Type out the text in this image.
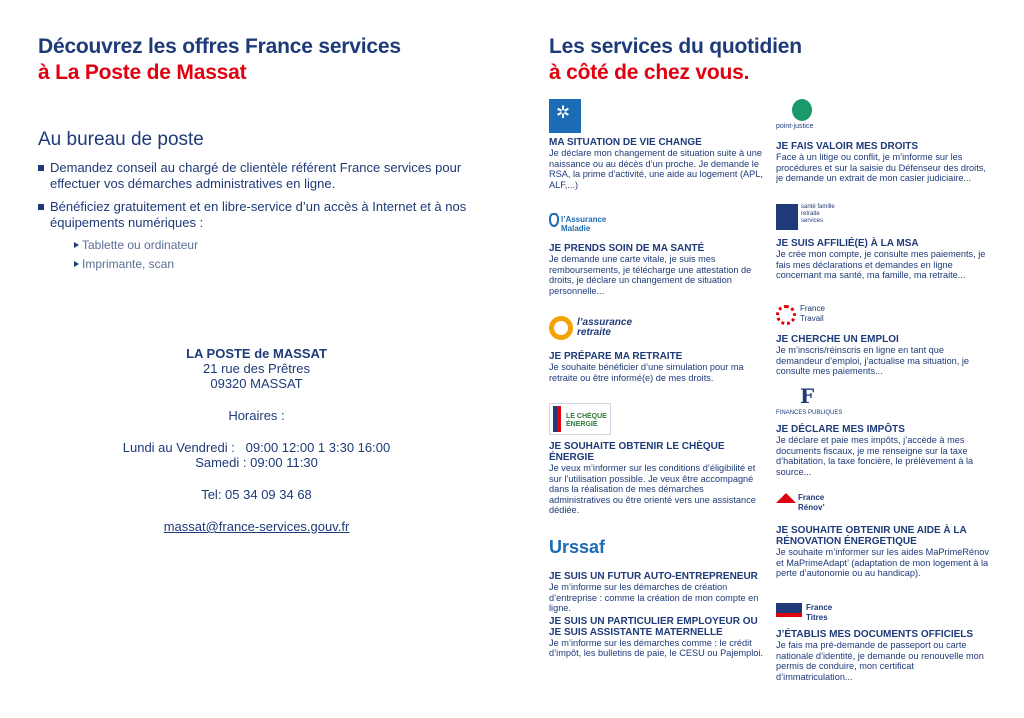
Découvrez les offres France services
à La Poste de Massat
Les services du quotidien
à côté de chez vous.
Au bureau de poste
Demandez conseil au chargé de clientèle référent France services pour effectuer vos démarches administratives en ligne.
Bénéficiez gratuitement et en libre-service d’un accès à Internet et à nos équipements numériques :
Tablette ou ordinateur
Imprimante, scan
LA POSTE de MASSAT
21 rue des Prêtres
09320 MASSAT
Horaires :
Lundi au Vendredi :   09:00 12:00 1 3:30 16:00
Samedi : 09:00 11:30
Tel: 05 34 09 34 68
massat@france-services.gouv.fr
✲
MA SITUATION DE VIE CHANGE

Je déclare mon changement de situation suite à une naissance ou au décès d’un proche. Je demande le RSA, la prime d’activité, une aide au logement (APL, ALF,...)

l’Assurance Maladie
JE PRENDS SOIN DE MA SANTÉ

Je demande une carte vitale, je suis mes remboursements, je télécharge une attestation de droits, je déclare un changement de situation personnelle...

l’assurance retraite
JE PRÉPARE MA RETRAITE

Je souhaite bénéficier d’une simulation pour ma retraite ou être informé(e) de mes droits.

LE CHÈQUE ÉNERGIE
JE SOUHAITE OBTENIR LE CHÈQUE ÉNERGIE

Je veux m’informer sur les conditions d’éligibilité et sur l’utilisation possible. Je veux être accompagné dans la réalisation de mes démarches administratives ou être orienté vers une assistance dédiée.

Urssaf
JE SUIS UN FUTUR AUTO-ENTREPRENEUR

Je m’informe sur les démarches de création d’entreprise : comme la création de mon compte en ligne.

JE SUIS UN PARTICULIER EMPLOYEUR OU JE SUIS ASSISTANTE MATERNELLE

Je m’informe sur les démarches comme : le crédit d’impôt, les bulletins de paie, le CESU ou Pajemploi.

point-justice
JE FAIS VALOIR MES DROITS

Face à un litige ou conflit, je m’informe sur les procédures et sur la saisie du Défenseur des droits, je demande un extrait de mon casier judiciaire...

santé famille retraite services
JE SUIS AFFILIÉ(E) À LA MSA

Je crée mon compte, je consulte mes paiements, je fais mes déclarations et demandes en ligne concernant ma santé, ma famille, ma retraite...

France Travail
JE CHERCHE UN EMPLOI

Je m’inscris/réinscris en ligne en tant que demandeur d’emploi, j’actualise ma situation, je consulte mes paiements...

F
FINANCES PUBLIQUES
JE DÉCLARE MES IMPÔTS

Je déclare et paie mes impôts, j’accède à mes documents fiscaux, je me renseigne sur la taxe d’habitation, la taxe foncière, le prélèvement à la source...

France Rénov’
JE SOUHAITE OBTENIR UNE AIDE À LA RÉNOVATION ÉNERGETIQUE

Je souhaite m’informer sur les aides MaPrimeRénov et MaPrimeAdapt’ (adaptation de mon logement à la perte d’autonomie ou au handicap).

France Titres
J’ÉTABLIS MES DOCUMENTS OFFICIELS

Je fais ma pré-demande de passeport ou carte nationale d’identité, je demande ou renouvelle mon permis de conduire, mon certificat d’immatriculation...
